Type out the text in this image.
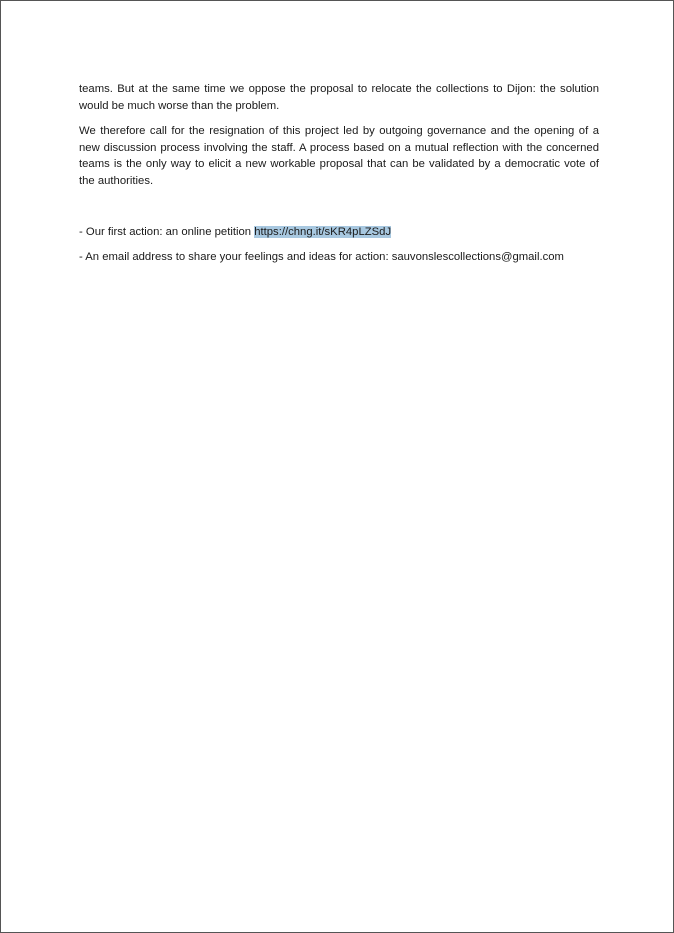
teams. But at the same time we oppose the proposal to relocate the collections to Dijon: the solution would be much worse than the problem.

We therefore call for the resignation of this project led by outgoing governance and the opening of a new discussion process involving the staff. A process based on a mutual reflection with the concerned teams is the only way to elicit a new workable proposal that can be validated by a democratic vote of the authorities.

- Our first action: an online petition https://chng.it/sKR4pLZSdJ

- An email address to share your feelings and ideas for action: sauvonslescollections@gmail.com
